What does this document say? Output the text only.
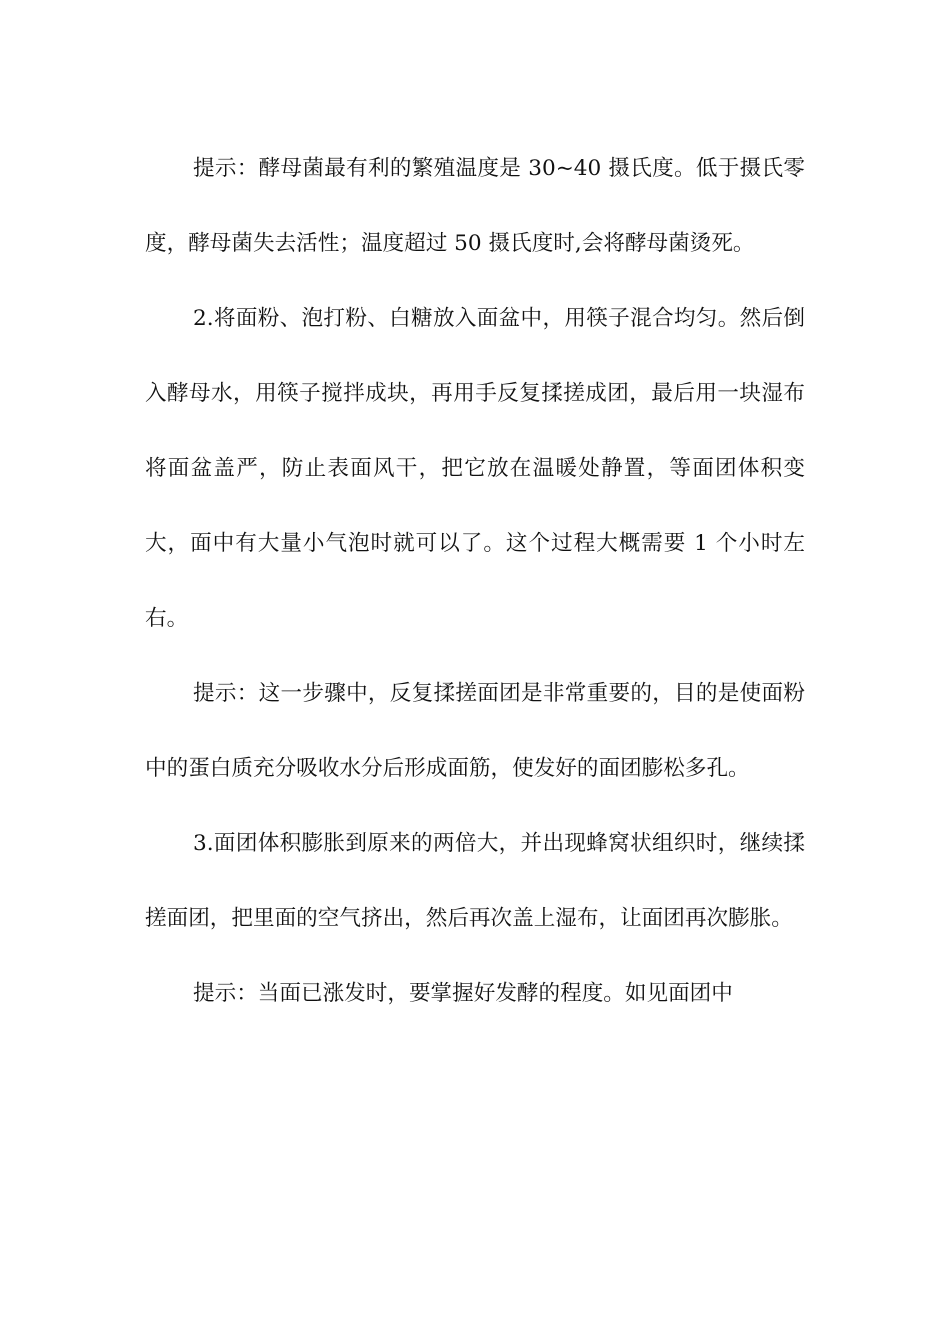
提示：酵母菌最有利的繁殖温度是 30~40 摄氏度。低于摄氏零度，酵母菌失去活性；温度超过 50 摄氏度时,会将酵母菌烫死。

2.将面粉、泡打粉、白糖放入面盆中，用筷子混合均匀。然后倒入酵母水，用筷子搅拌成块，再用手反复揉搓成团，最后用一块湿布将面盆盖严，防止表面风干，把它放在温暖处静置，等面团体积变大，面中有大量小气泡时就可以了。这个过程大概需要 1 个小时左右。

提示：这一步骤中，反复揉搓面团是非常重要的，目的是使面粉中的蛋白质充分吸收水分后形成面筋，使发好的面团膨松多孔。

3.面团体积膨胀到原来的两倍大，并出现蜂窝状组织时，继续揉搓面团，把里面的空气挤出，然后再次盖上湿布，让面团再次膨胀。

提示：当面已涨发时，要掌握好发酵的程度。如见面团中
